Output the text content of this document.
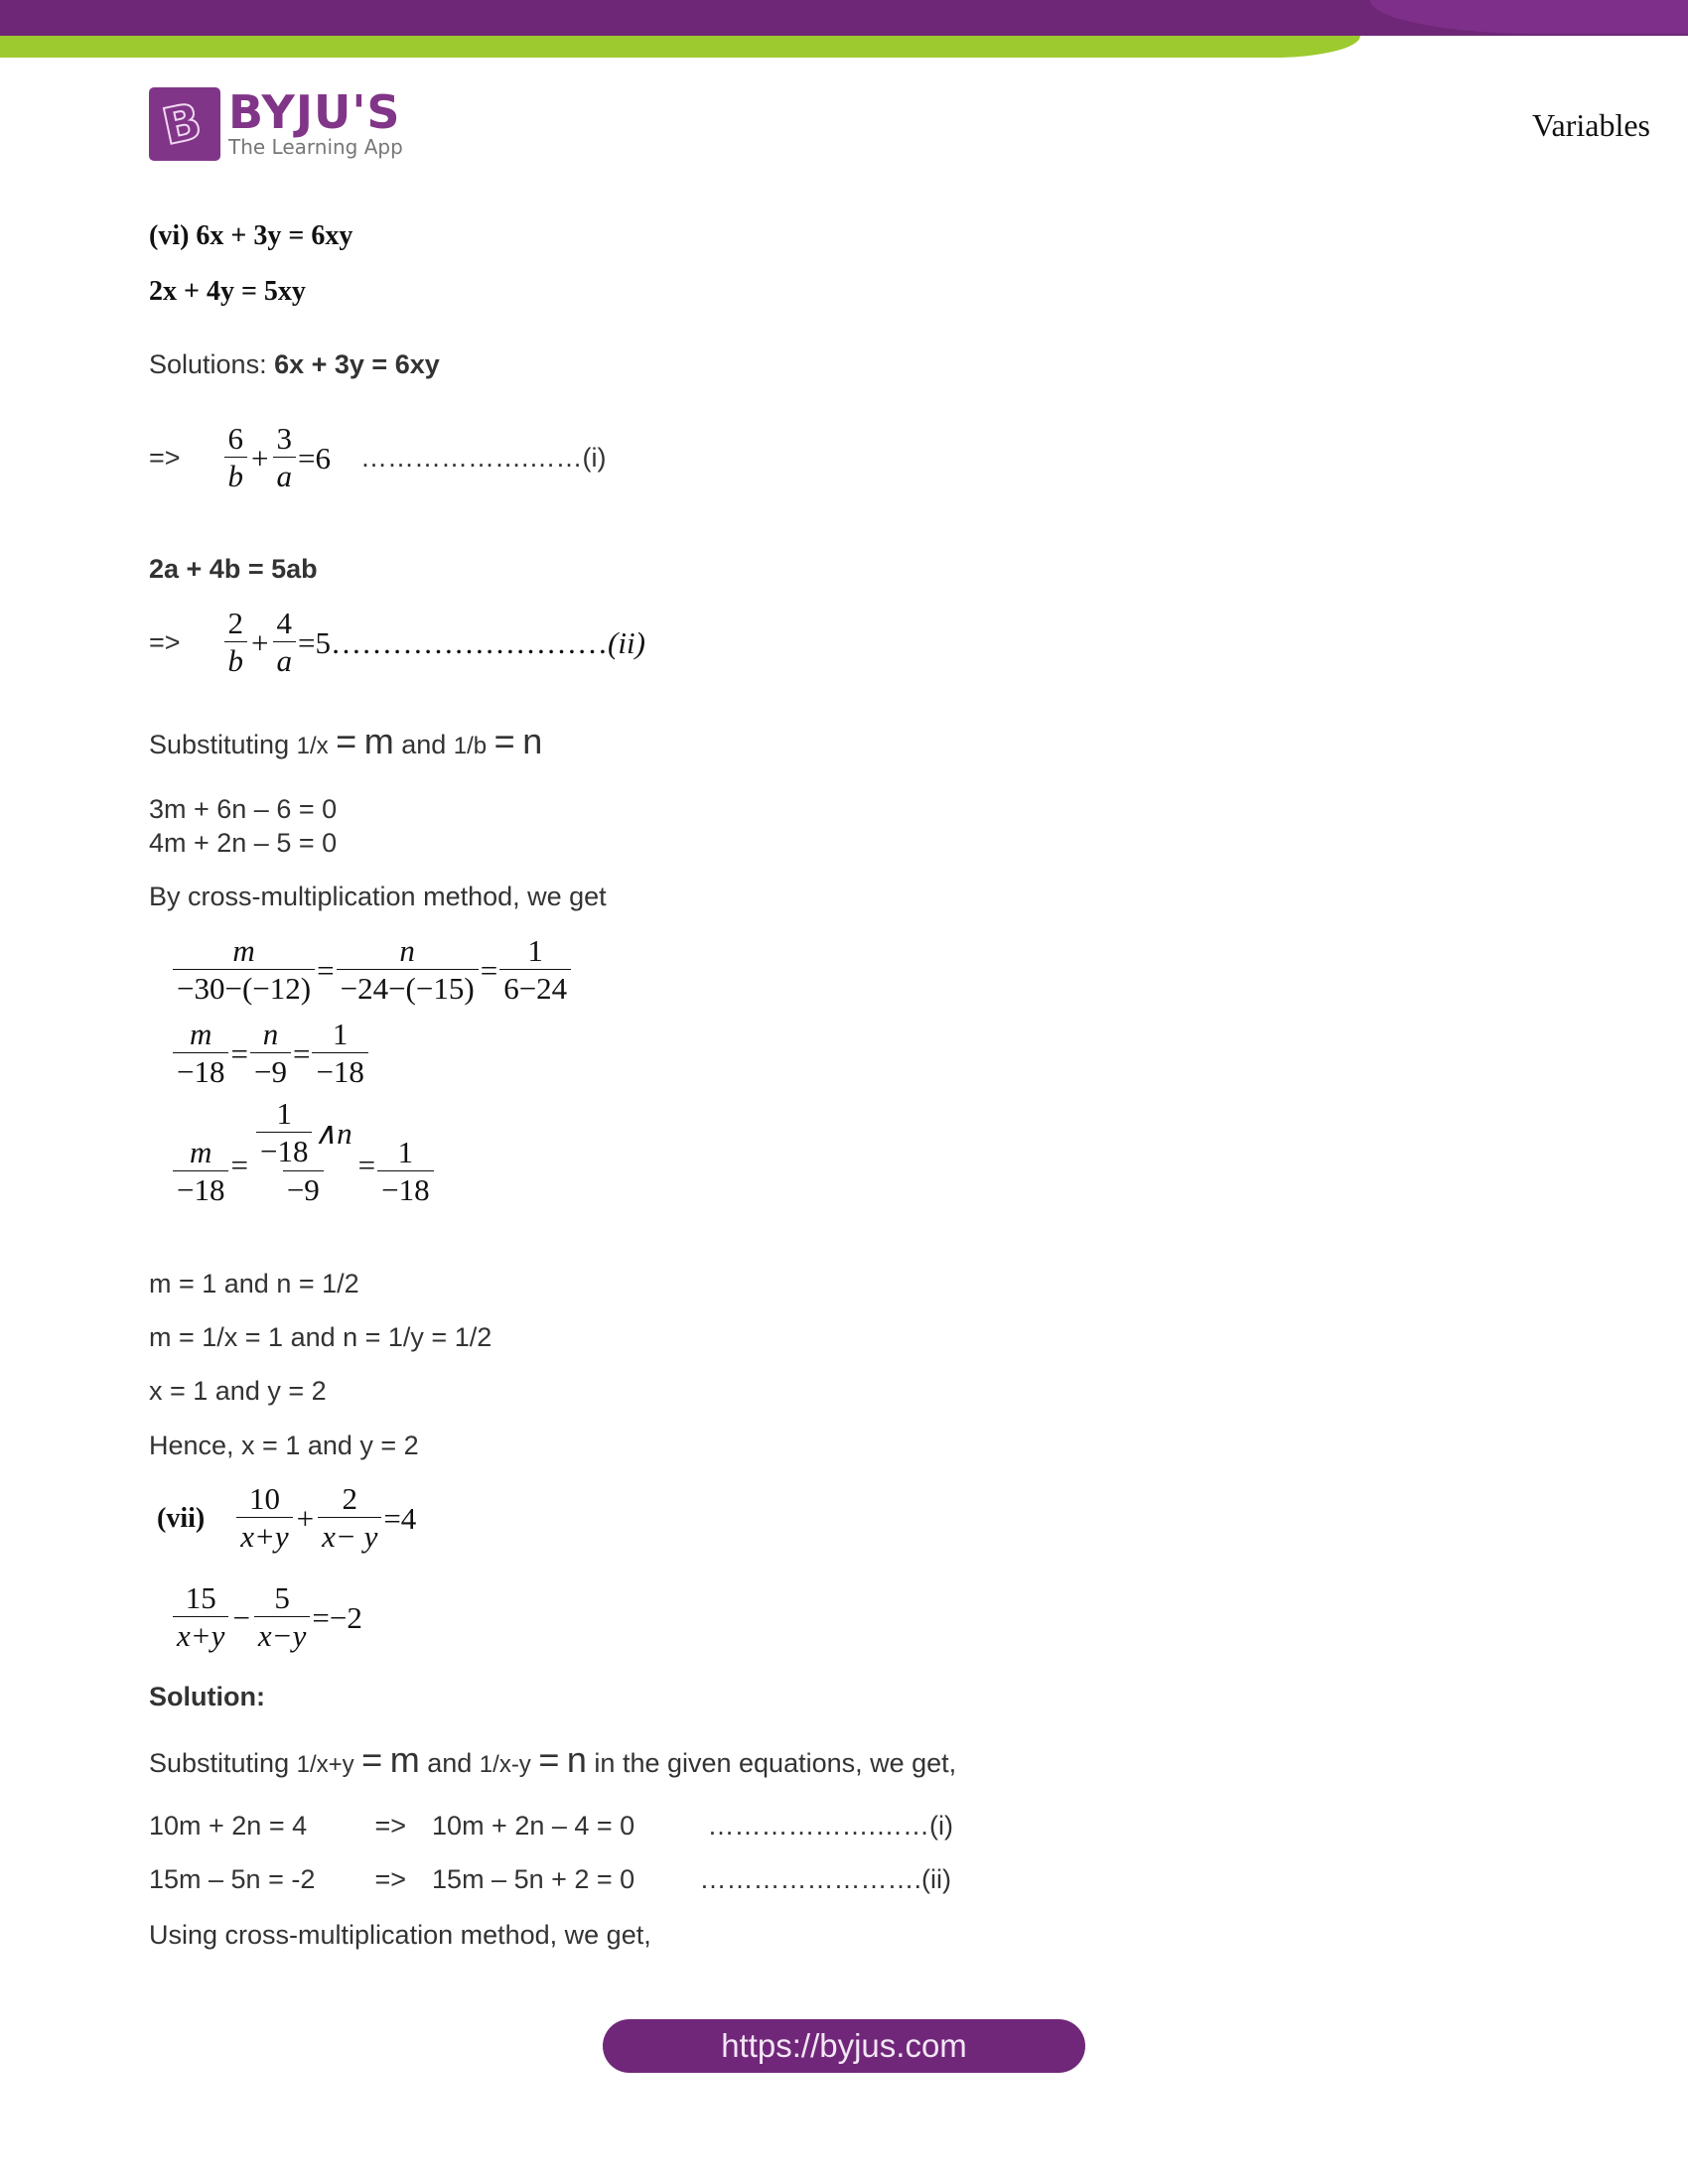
B BYJU'S
The Learning App
Variables
(vi) 6x + 3y = 6xy
2x + 4y = 5xy
Solutions: 6x + 3y = 6xy
=> $\frac{6}{b} + \frac{3}{a} =6$ ……………….……(i)
2a + 4b = 5ab
=> $\frac{2}{b} + \frac{4}{a}$ =5……………………… (ii)
Substituting 1/x = m and 1/b = n
3m + 6n – 6 = 0
4m + 2n – 5 = 0
By cross-multiplication method, we get
$\frac{m}{-30-(-12)} = \frac{n}{-24-(-15)} = \frac{1}{6-24}$
$\frac{m}{-18} = \frac{n}{-9} = \frac{1}{-18}$
$\frac{m}{-18} = \frac{\frac{1}{-18} \wedge n}{-9} = \frac{1}{-18}$
m = 1 and n = 1/2
m = 1/x = 1 and n = 1/y = 1/2
x = 1 and y = 2
Hence, x = 1 and y = 2
$(vii) \frac{10}{x+y} + \frac{2}{x- y} =4$
$\frac{15}{x+y} - \frac{5}{x-y} =-2$
Solution:
Substituting 1/x+y = m and 1/x-y = n in the given equations, we get,
10m + 2n = 4	=> 10m + 2n – 4 = 0	……………….……(i)
15m – 5n = -2 => 15m – 5n + 2 = 0 …………………….(ii)
Using cross-multiplication method, we get,
https://byjus.com
